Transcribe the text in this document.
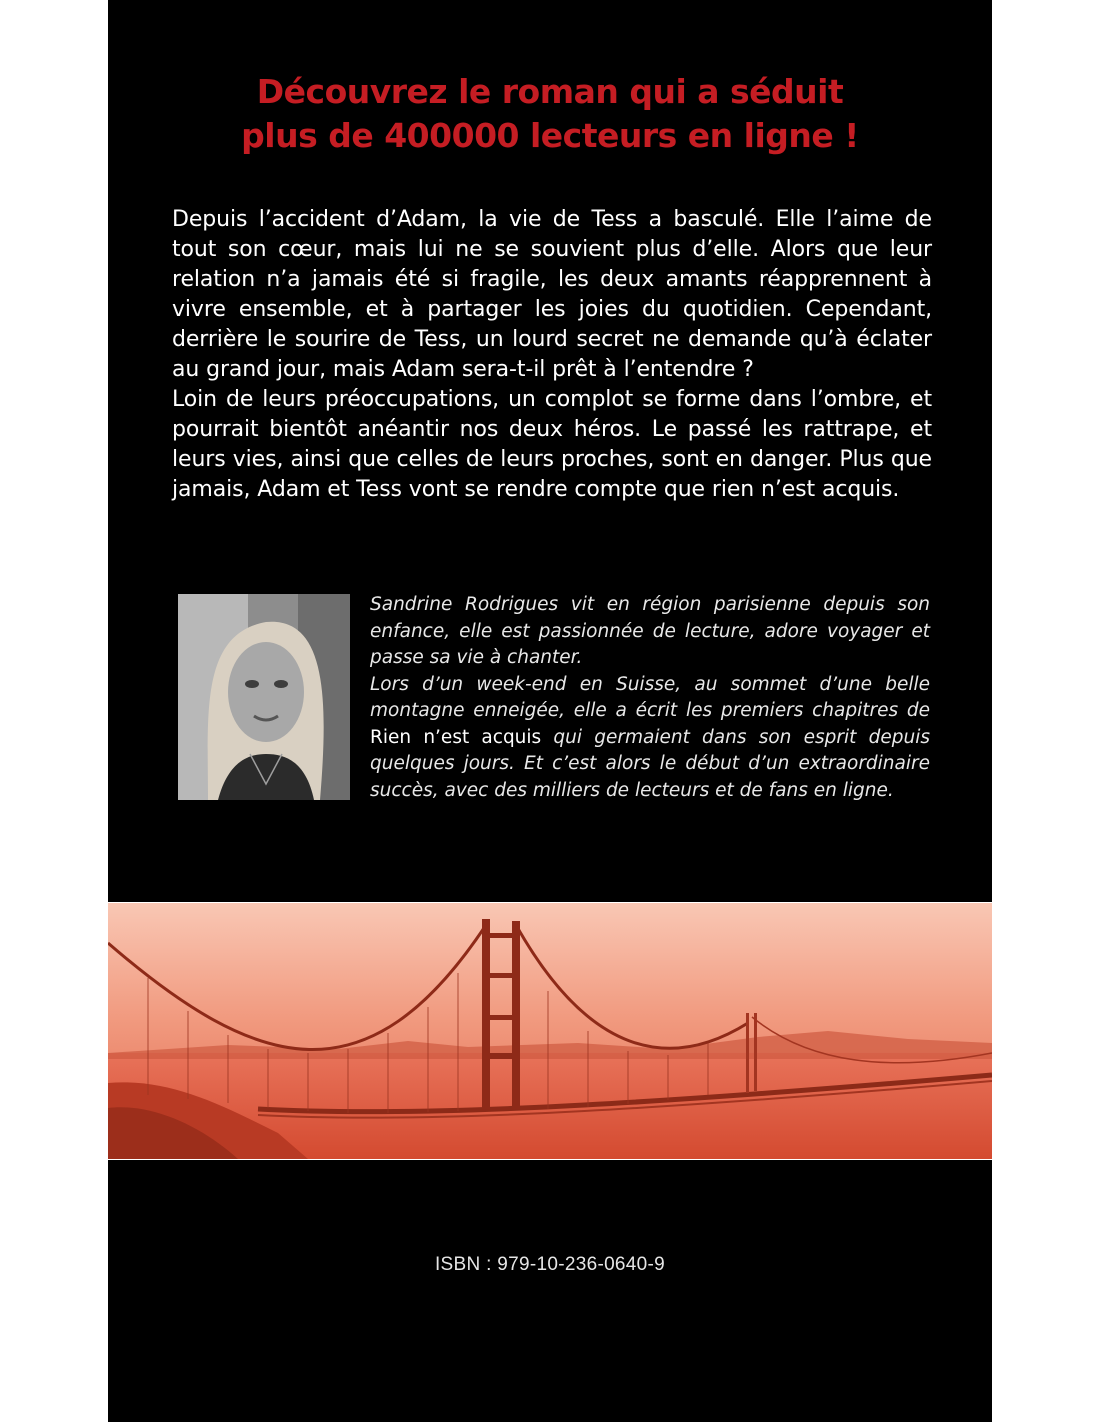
Découvrez le roman qui a séduit
plus de 400000 lecteurs en ligne !

Depuis l’accident d’Adam, la vie de Tess a basculé. Elle l’aime de tout son cœur, mais lui ne se souvient plus d’elle. Alors que leur relation n’a jamais été si fragile, les deux amants réapprennent à vivre ensemble, et à partager les joies du quotidien. Cependant, derrière le sourire de Tess, un lourd secret ne demande qu’à éclater au grand jour, mais Adam sera-t-il prêt à l’entendre ?

Loin de leurs préoccupations, un complot se forme dans l’ombre, et pourrait bientôt anéantir nos deux héros. Le passé les rattrape, et leurs vies, ainsi que celles de leurs proches, sont en danger. Plus que jamais, Adam et Tess vont se rendre compte que rien n’est acquis.

Sandrine Rodrigues vit en région parisienne depuis son enfance, elle est passionnée de lecture, adore voyager et passe sa vie à chanter.

Lors d’un week-end en Suisse, au sommet d’une belle montagne enneigée, elle a écrit les premiers chapitres de Rien n’est acquis qui germaient dans son esprit depuis quelques jours. Et c’est alors le début d’un extraordinaire succès, avec des milliers de lecteurs et de fans en ligne.

ISBN : 979-10-236-0640-9
